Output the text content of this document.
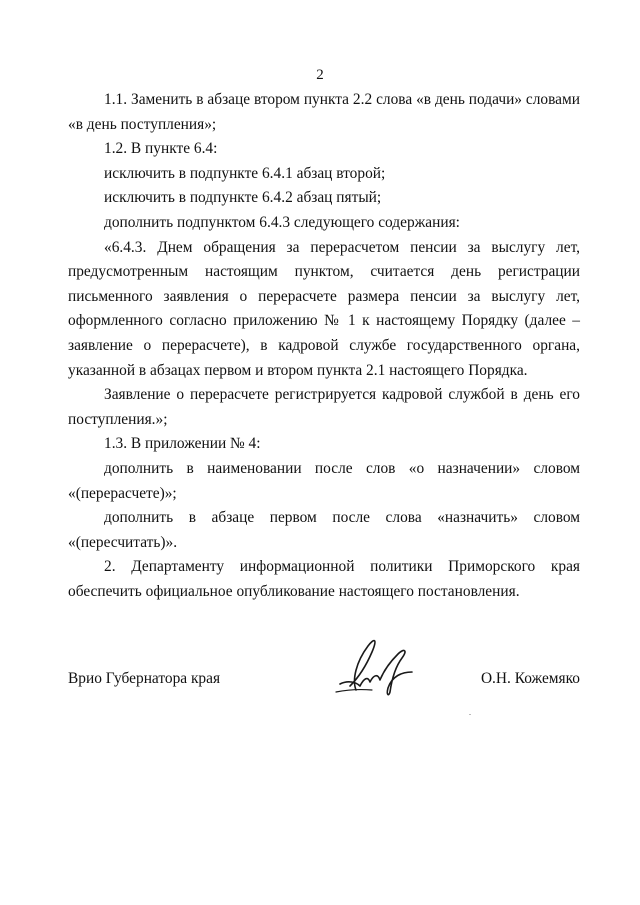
2

1.1. Заменить в абзаце втором пункта 2.2 слова «в день подачи» словами «в день поступления»;

1.2. В пункте 6.4:

исключить в подпункте 6.4.1 абзац второй;

исключить в подпункте 6.4.2 абзац пятый;

дополнить подпунктом 6.4.3 следующего содержания:

«6.4.3. Днем обращения за перерасчетом пенсии за выслугу лет, предусмотренным настоящим пунктом, считается день регистрации письменного заявления о перерасчете размера пенсии за выслугу лет, оформленного согласно приложению № 1 к настоящему Порядку (далее – заявление о перерасчете), в кадровой службе государственного органа, указанной в абзацах первом и втором пункта 2.1 настоящего Порядка.

Заявление о перерасчете регистрируется кадровой службой в день его поступления.»;

1.3. В приложении № 4:

дополнить в наименовании после слов «о назначении» словом «(перерасчете)»;

дополнить в абзаце первом после слова «назначить» словом «(пересчитать)».

2. Департаменту информационной политики Приморского края обеспечить официальное опубликование настоящего постановления.

Врио Губернатора края	О.Н. Кожемяко
